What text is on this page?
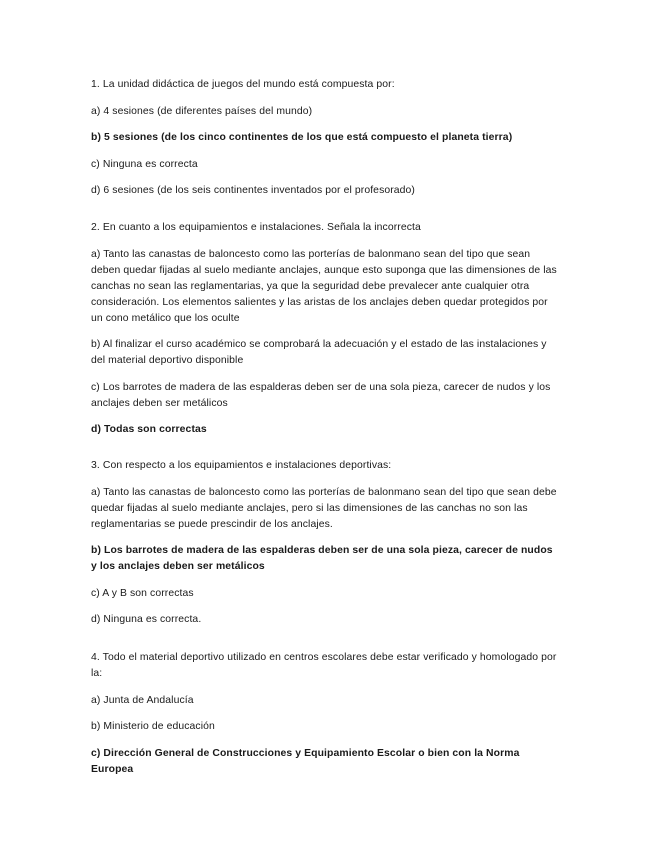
1. La unidad didáctica de juegos del mundo está compuesta por:

a) 4 sesiones (de diferentes países del mundo)

b) 5 sesiones (de los cinco continentes de los que está compuesto el planeta tierra)

c) Ninguna es correcta

d) 6 sesiones (de los seis continentes inventados por el profesorado)

2. En cuanto a los equipamientos e instalaciones. Señala la incorrecta

a) Tanto las canastas de baloncesto como las porterías de balonmano sean del tipo que sean deben quedar fijadas al suelo mediante anclajes, aunque esto suponga que las dimensiones de las canchas no sean las reglamentarias, ya que la seguridad debe prevalecer ante cualquier otra consideración. Los elementos salientes y las aristas de los anclajes deben quedar protegidos por un cono metálico que los oculte

b) Al finalizar el curso académico se comprobará la adecuación y el estado de las instalaciones y del material deportivo disponible

c) Los barrotes de madera de las espalderas deben ser de una sola pieza, carecer de nudos y los anclajes deben ser metálicos

d) Todas son correctas

3. Con respecto a los equipamientos e instalaciones deportivas:

a) Tanto las canastas de baloncesto como las porterías de balonmano sean del tipo que sean debe quedar fijadas al suelo mediante anclajes, pero si las dimensiones de las canchas no son las reglamentarias se puede prescindir de los anclajes.

b) Los barrotes de madera de las espalderas deben ser de una sola pieza, carecer de nudos y los anclajes deben ser metálicos

c) A y B son correctas

d) Ninguna es correcta.

4. Todo el material deportivo utilizado en centros escolares debe estar verificado y homologado por la:

a) Junta de Andalucía

b) Ministerio de educación

c) Dirección General de Construcciones y Equipamiento Escolar o bien con la Norma Europea
